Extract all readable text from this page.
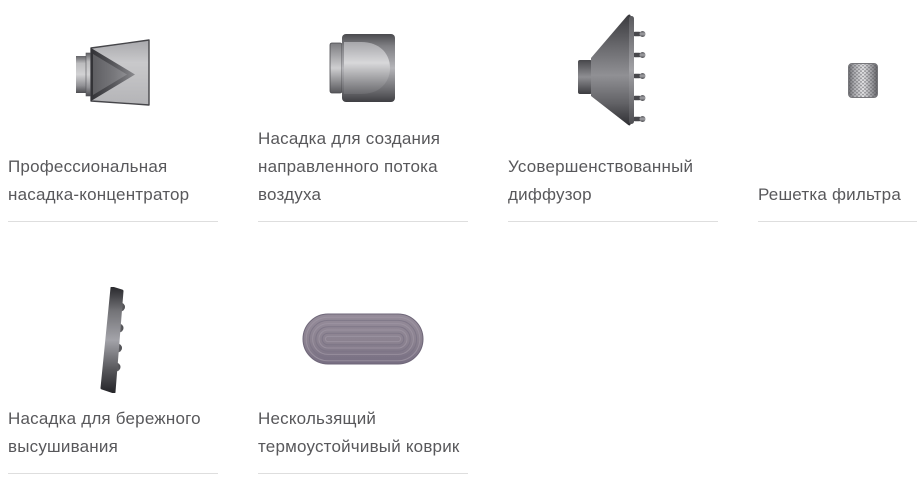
Профессиональная насадка-концентратор
Насадка для создания направленного потока воздуха
Усовершенствованный диффузор	Решетка фильтра
Насадка для бережного высушивания
Нескользящий термоустойчивый коврик
